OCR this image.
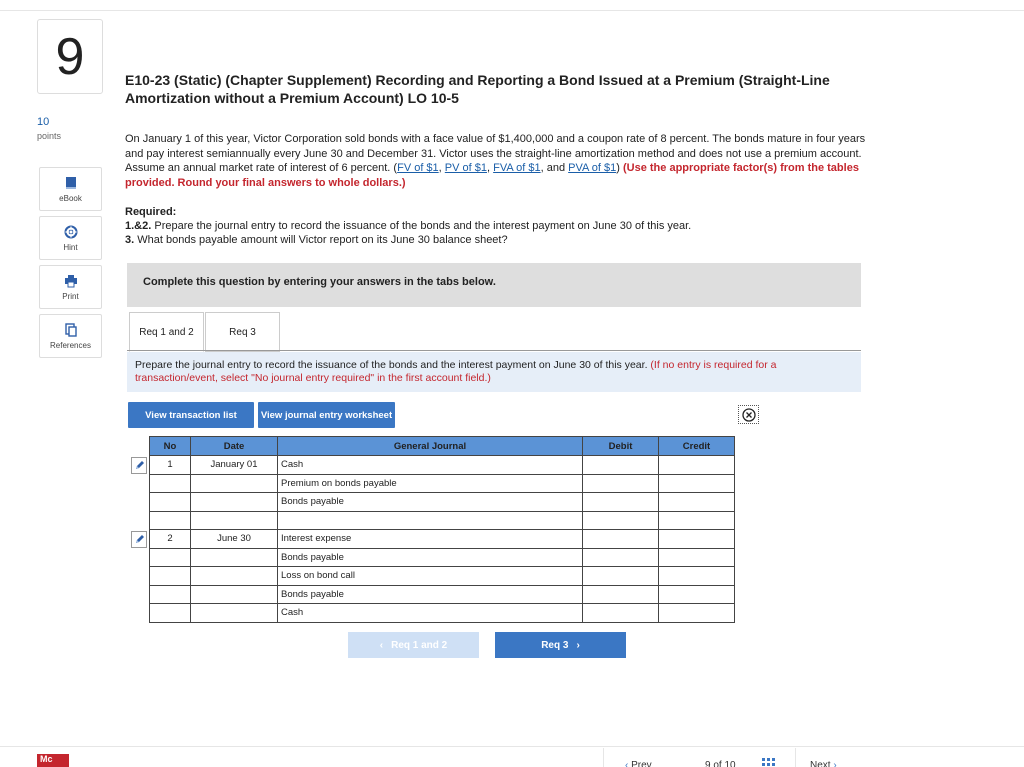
9
10
points
eBook
Hint
Print
References
E10-23 (Static) (Chapter Supplement) Recording and Reporting a Bond Issued at a Premium (Straight-Line Amortization without a Premium Account) LO 10-5
On January 1 of this year, Victor Corporation sold bonds with a face value of $1,400,000 and a coupon rate of 8 percent. The bonds mature in four years and pay interest semiannually every June 30 and December 31. Victor uses the straight-line amortization method and does not use a premium account. Assume an annual market rate of interest of 6 percent. (FV of $1, PV of $1, FVA of $1, and PVA of $1) (Use the appropriate factor(s) from the tables provided. Round your final answers to whole dollars.)
Required:
1.&2. Prepare the journal entry to record the issuance of the bonds and the interest payment on June 30 of this year.
3. What bonds payable amount will Victor report on its June 30 balance sheet?
Complete this question by entering your answers in the tabs below.
Req 1 and 2	Req 3
Prepare the journal entry to record the issuance of the bonds and the interest payment on June 30 of this year. (If no entry is required for a transaction/event, select "No journal entry required" in the first account field.)
View transaction list	View journal entry worksheet
No	Date	General Journal	Debit	Credit
1	January 01	Cash		
		Premium on bonds payable		
		Bonds payable		

2	June 30	Interest expense		
		Bonds payable		
		Loss on bond call		
		Bonds payable		
		Cash		
‹ Req 1 and 2	Req 3 ›
Mc
‹ Prev	9 of 10	Next ›
